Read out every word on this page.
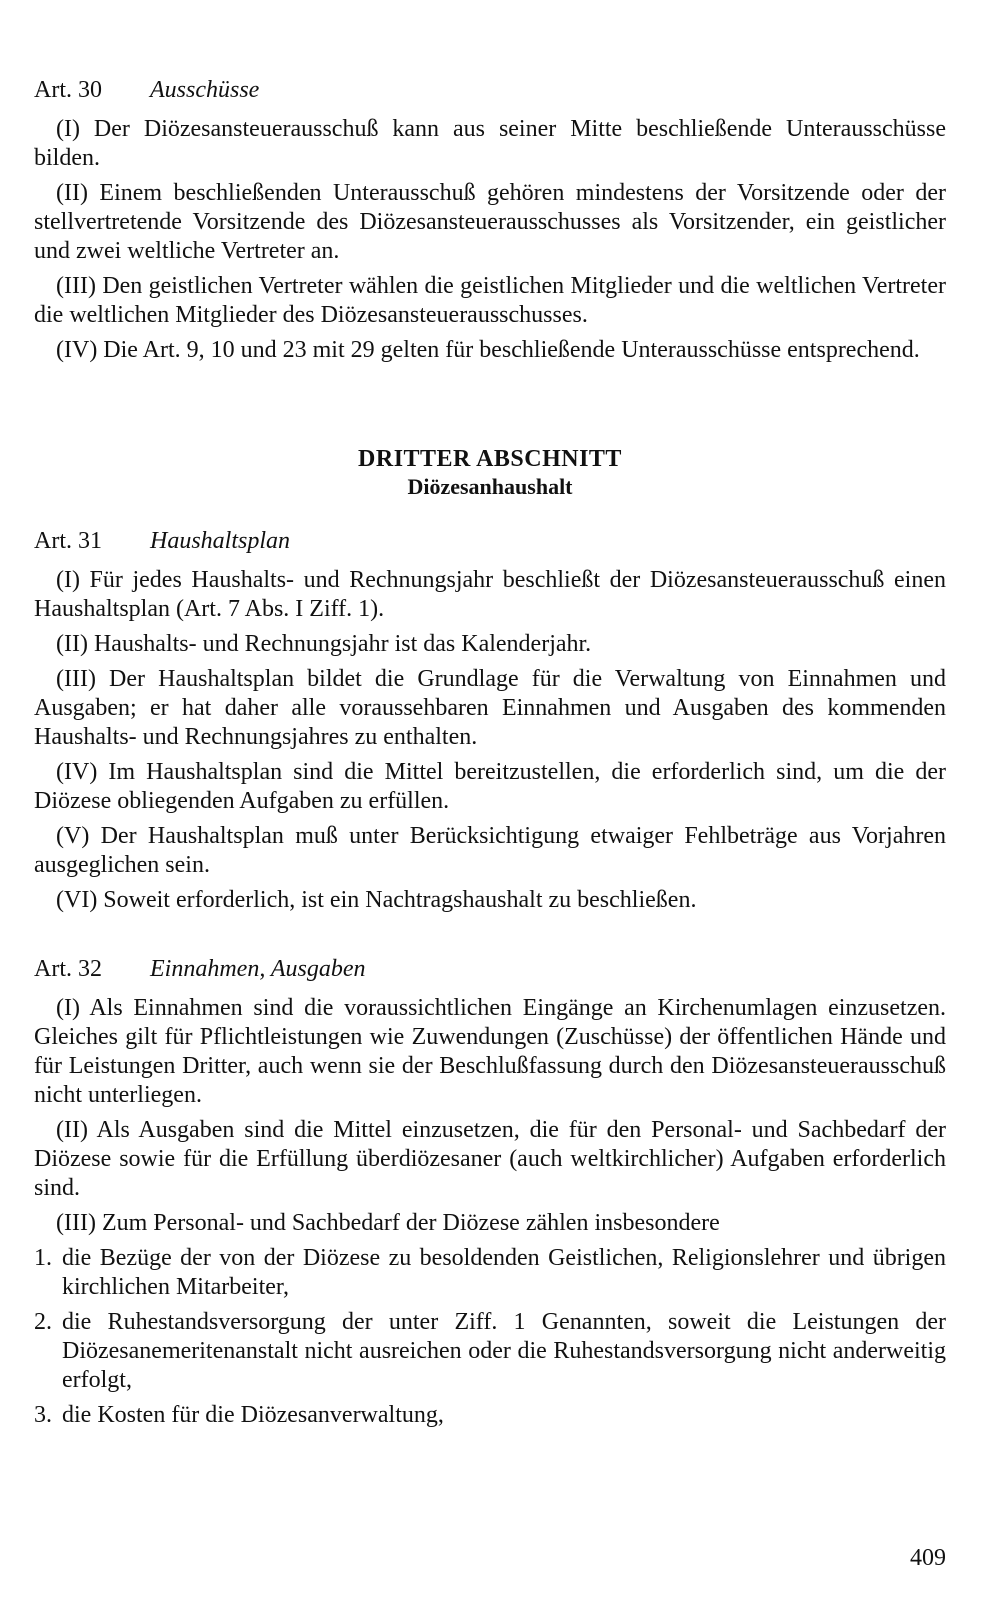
Art. 30 Ausschüsse

(I) Der Diözesansteuerausschuß kann aus seiner Mitte beschließende Unterausschüsse bilden.

(II) Einem beschließenden Unterausschuß gehören mindestens der Vorsitzende oder der stellvertretende Vorsitzende des Diözesansteuerausschusses als Vorsitzender, ein geistlicher und zwei weltliche Vertreter an.

(III) Den geistlichen Vertreter wählen die geistlichen Mitglieder und die weltlichen Vertreter die weltlichen Mitglieder des Diözesansteuerausschusses.

(IV) Die Art. 9, 10 und 23 mit 29 gelten für beschließende Unterausschüsse entsprechend.

DRITTER ABSCHNITT
Diözesanhaushalt
Art. 31 Haushaltsplan

(I) Für jedes Haushalts- und Rechnungsjahr beschließt der Diözesansteuerausschuß einen Haushaltsplan (Art. 7 Abs. I Ziff. 1).

(II) Haushalts- und Rechnungsjahr ist das Kalenderjahr.

(III) Der Haushaltsplan bildet die Grundlage für die Verwaltung von Einnahmen und Ausgaben; er hat daher alle voraussehbaren Einnahmen und Ausgaben des kommenden Haushalts- und Rechnungsjahres zu enthalten.

(IV) Im Haushaltsplan sind die Mittel bereitzustellen, die erforderlich sind, um die der Diözese obliegenden Aufgaben zu erfüllen.

(V) Der Haushaltsplan muß unter Berücksichtigung etwaiger Fehlbeträge aus Vorjahren ausgeglichen sein.

(VI) Soweit erforderlich, ist ein Nachtragshaushalt zu beschließen.

Art. 32 Einnahmen, Ausgaben

(I) Als Einnahmen sind die voraussichtlichen Eingänge an Kirchenumlagen einzusetzen. Gleiches gilt für Pflichtleistungen wie Zuwendungen (Zuschüsse) der öffentlichen Hände und für Leistungen Dritter, auch wenn sie der Beschlußfassung durch den Diözesansteuerausschuß nicht unterliegen.

(II) Als Ausgaben sind die Mittel einzusetzen, die für den Personal- und Sachbedarf der Diözese sowie für die Erfüllung überdiözesaner (auch weltkirchlicher) Aufgaben erforderlich sind.

(III) Zum Personal- und Sachbedarf der Diözese zählen insbesondere

1. die Bezüge der von der Diözese zu besoldenden Geistlichen, Religionslehrer und übrigen kirchlichen Mitarbeiter,
2. die Ruhestandsversorgung der unter Ziff. 1 Genannten, soweit die Leistungen der Diözesanemeritenanstalt nicht ausreichen oder die Ruhestandsversorgung nicht anderweitig erfolgt,
3. die Kosten für die Diözesanverwaltung,
409
